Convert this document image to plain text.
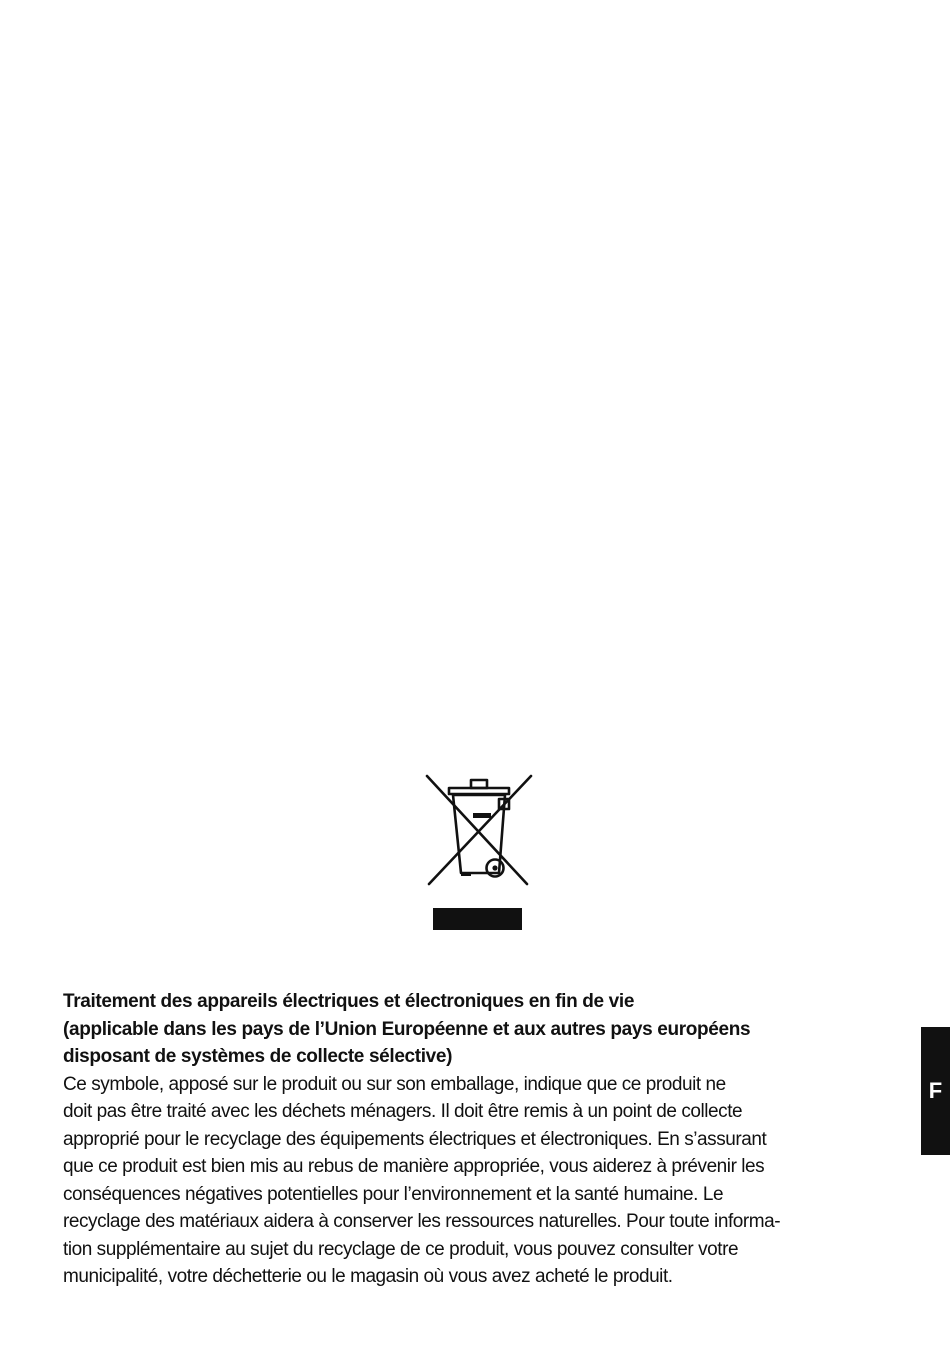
Traitement des appareils électriques et électroniques en fin de vie
(applicable dans les pays de l’Union Européenne et aux autres pays européens
disposant de systèmes de collecte sélective)
Ce symbole, apposé sur le produit ou sur son emballage, indique que ce produit ne
doit pas être traité avec les déchets ménagers. Il doit être remis à un point de collecte
approprié pour le recyclage des équipements électriques et électroniques. En s’assurant
que ce produit est bien mis au rebus de manière appropriée, vous aiderez à prévenir les
conséquences négatives potentielles pour l’environnement et la santé humaine. Le
recyclage des matériaux aidera à conserver les ressources naturelles. Pour toute informa-
tion supplémentaire au sujet du recyclage de ce produit, vous pouvez consulter votre
municipalité, votre déchetterie ou le magasin où vous avez acheté le produit.
F
